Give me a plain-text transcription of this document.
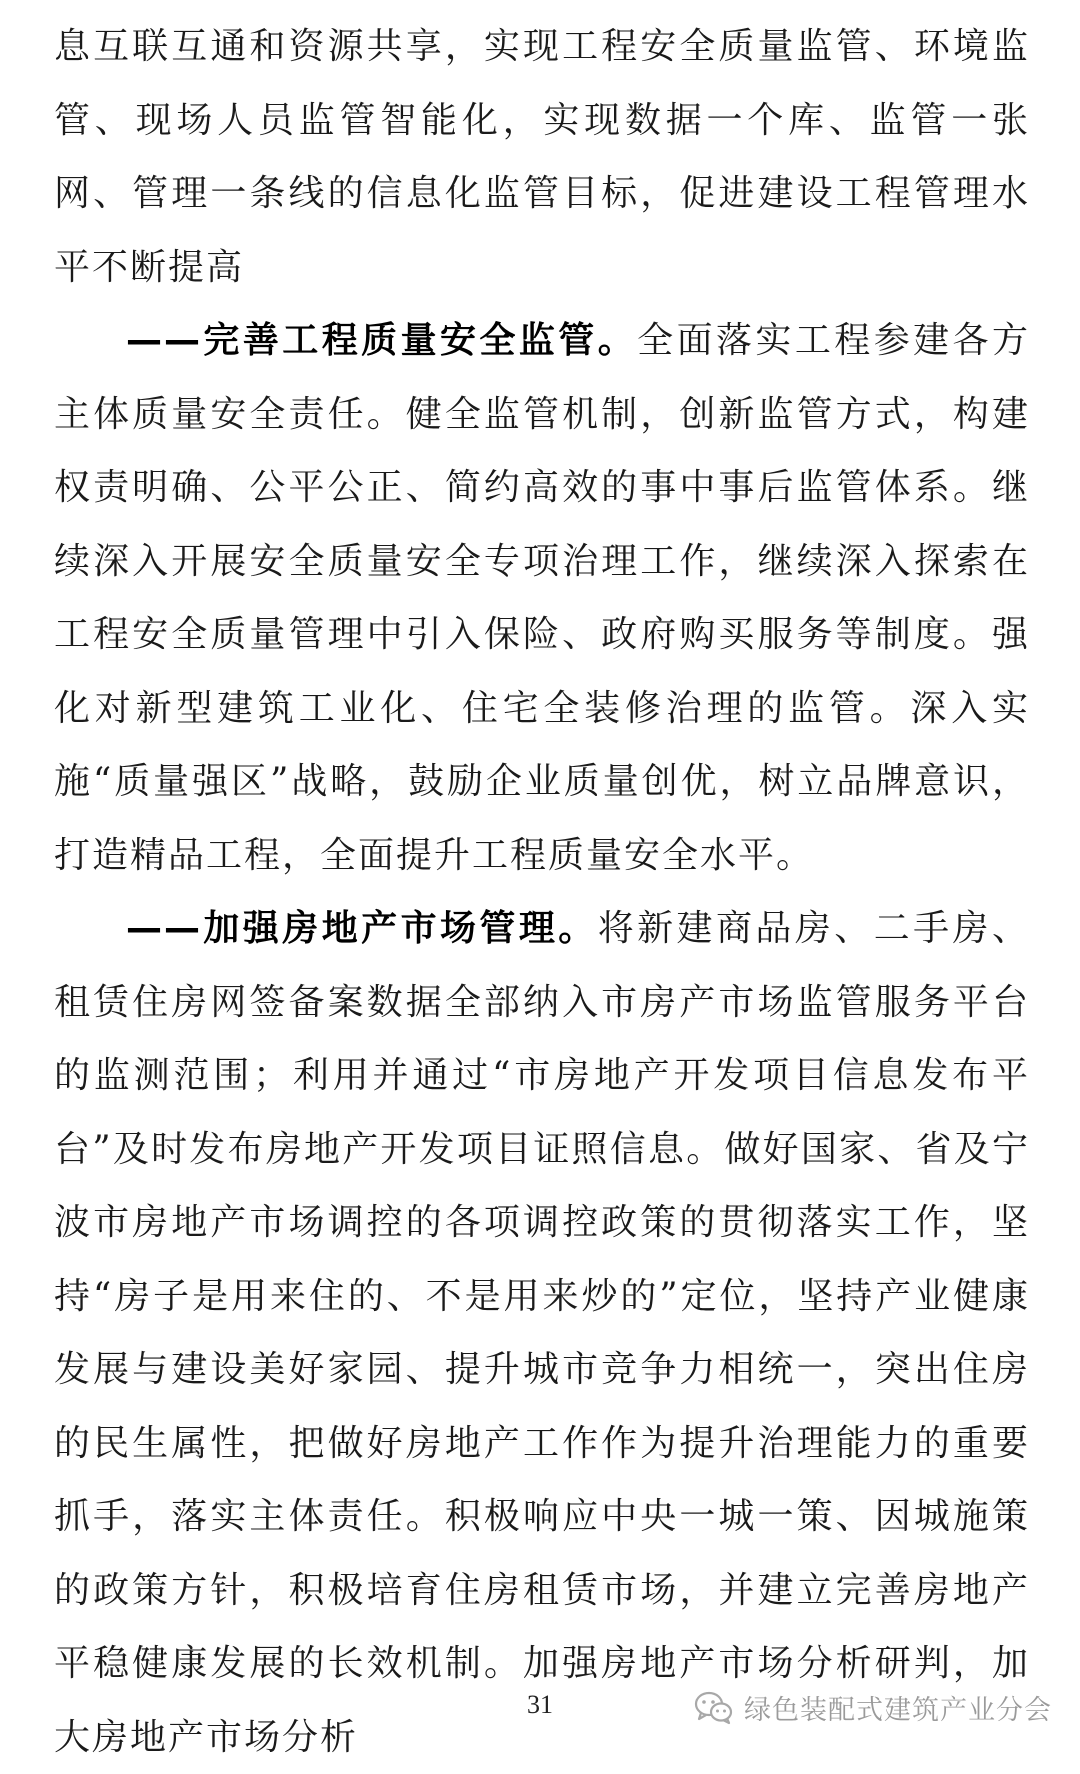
息互联互通和资源共享，实现工程安全质量监管、环境监管、现场人员监管智能化，实现数据一个库、监管一张网、管理一条线的信息化监管目标，促进建设工程管理水平不断提高

——完善工程质量安全监管。全面落实工程参建各方主体质量安全责任。健全监管机制，创新监管方式，构建权责明确、公平公正、简约高效的事中事后监管体系。继续深入开展安全质量安全专项治理工作，继续深入探索在工程安全质量管理中引入保险、政府购买服务等制度。强化对新型建筑工业化、住宅全装修治理的监管。深入实施“质量强区”战略，鼓励企业质量创优，树立品牌意识，打造精品工程，全面提升工程质量安全水平。

——加强房地产市场管理。将新建商品房、二手房、租赁住房网签备案数据全部纳入市房产市场监管服务平台的监测范围；利用并通过“市房地产开发项目信息发布平台”及时发布房地产开发项目证照信息。做好国家、省及宁波市房地产市场调控的各项调控政策的贯彻落实工作，坚持“房子是用来住的、不是用来炒的”定位，坚持产业健康发展与建设美好家园、提升城市竞争力相统一，突出住房的民生属性，把做好房地产工作作为提升治理能力的重要抓手，落实主体责任。积极响应中央一城一策、因城施策的政策方针，积极培育住房租赁市场，并建立完善房地产平稳健康发展的长效机制。加强房地产市场分析研判，加大房地产市场分析

31	绿色装配式建筑产业分会
